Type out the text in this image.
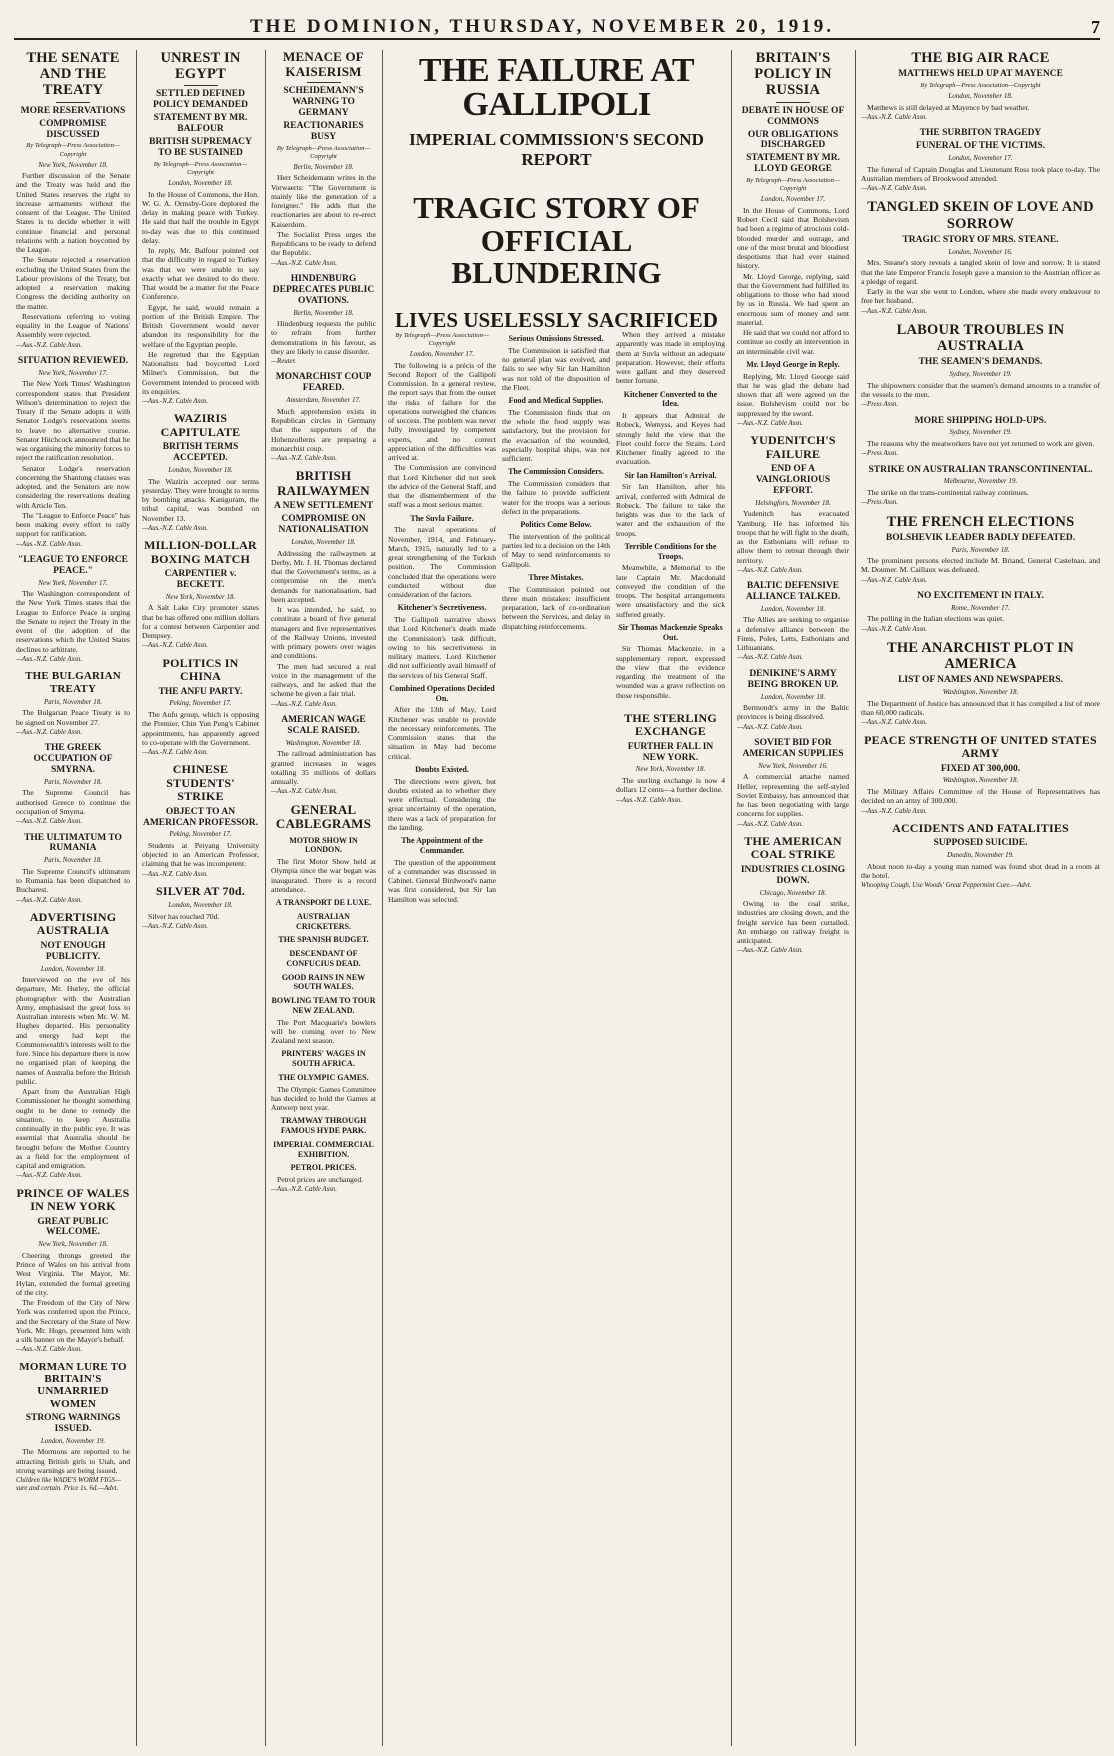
THE DOMINION, THURSDAY, NOVEMBER 20, 1919.	7
THE SENATE AND THE TREATY
MORE RESERVATIONS
COMPROMISE DISCUSSED
By Telegraph—Press Association—Copyright
New York, November 18.

Further discussion of the Senate and the Treaty was held and the United States reserves the right to increase armaments without the consent of the League. The United States is to decide whether it will continue financial and personal relations with a nation boycotted by the League.

The Senate rejected a reservation excluding the United States from the Labour provisions of the Treaty, but adopted a reservation making Congress the deciding authority on the matter.

Reservations referring to voting equality in the League of Nations' Assembly were rejected.

—Aus.-N.Z. Cable Assn.
SITUATION REVIEWED.
New York, November 17.

The New York Times' Washington correspondent states that President Wilson's determination to reject the Treaty if the Senate adopts it with Senator Lodge's reservations seems to leave no alternative course. Senator Hitchcock announced that he was organising the minority forces to reject the ratification resolution.

Senator Lodge's reservation concerning the Shantung clauses was adopted, and the Senators are now considering the reservations dealing with Article Ten.

The "League to Enforce Peace" has been making every effort to rally support for ratification.

—Aus.-N.Z. Cable Assn.
"LEAGUE TO ENFORCE PEACE."
New York, November 17.

The Washington correspondent of the New York Times states that the League to Enforce Peace is urging the Senate to reject the Treaty in the event of the adoption of the reservations which the United States declines to arbitrate.

—Aus.-N.Z. Cable Assn.
THE BULGARIAN TREATY
Paris, November 18.

The Bulgarian Peace Treaty is to be signed on November 27.

—Aus.-N.Z. Cable Assn.
THE GREEK OCCUPATION OF SMYRNA.
Paris, November 18.

The Supreme Council has authorised Greece to continue the occupation of Smyrna.

—Aus.-N.Z. Cable Assn.
THE ULTIMATUM TO RUMANIA
Paris, November 18.

The Supreme Council's ultimatum to Rumania has been dispatched to Bucharest.

—Aus.-N.Z. Cable Assn.
ADVERTISING AUSTRALIA
NOT ENOUGH PUBLICITY.
London, November 18.

Interviewed on the eve of his departure, Mr. Hurley, the official photographer with the Australian Army, emphasised the great loss to Australian interests when Mr. W. M. Hughes departed. His personality and energy had kept the Commonwealth's interests well to the fore. Since his departure there is now no organised plan of keeping the names of Australia before the British public.

Apart from the Australian High Commissioner he thought something ought to be done to remedy the situation, to keep Australia continually in the public eye. It was essential that Australia should be brought before the Mother Country as a field for the employment of capital and emigration.

—Aus.-N.Z. Cable Assn.
PRINCE OF WALES IN NEW YORK
GREAT PUBLIC WELCOME.
New York, November 18.

Cheering throngs greeted the Prince of Wales on his arrival from West Virginia. The Mayor, Mr. Hylan, extended the formal greeting of the city.

The Freedom of the City of New York was conferred upon the Prince, and the Secretary of the State of New York, Mr. Hugo, presented him with a silk banner on the Mayor's behalf.

—Aus.-N.Z. Cable Assn.
MORMAN LURE TO BRITAIN'S UNMARRIED WOMEN
STRONG WARNINGS ISSUED.
London, November 19.

The Mormons are reported to be attracting British girls to Utah, and strong warnings are being issued.

Children like WADE'S WORM FIGS—sure and certain. Price 1s. 6d.—Advt.
UNREST IN EGYPT
SETTLED DEFINED POLICY DEMANDED
STATEMENT BY MR. BALFOUR
BRITISH SUPREMACY TO BE SUSTAINED
By Telegraph—Press Association—Copyright
London, November 18.

In the House of Commons, the Hon. W. G. A. Ormsby-Gore deplored the delay in making peace with Turkey. He said that half the trouble in Egypt to-day was due to this continued delay.

In reply, Mr. Balfour pointed out that the difficulty in regard to Turkey was that we were unable to say exactly what we desired to do there. That would be a matter for the Peace Conference.

Egypt, he said, would remain a portion of the British Empire. The British Government would never abandon its responsibility for the welfare of the Egyptian people.

He regretted that the Egyptian Nationalists had boycotted Lord Milner's Commission, but the Government intended to proceed with its enquiries.

—Aus.-N.Z. Cable Assn.
WAZIRIS CAPITULATE
BRITISH TERMS ACCEPTED.
London, November 18.

The Waziris accepted our terms yesterday. They were brought to terms by bombing attacks. Kaniguram, the tribal capital, was bombed on November 13.

—Aus.-N.Z. Cable Assn.
MILLION-DOLLAR BOXING MATCH
CARPENTIER v. BECKETT.
New York, November 18.

A Salt Lake City promoter states that he has offered one million dollars for a contest between Carpentier and Dempsey.

—Aus.-N.Z. Cable Assn.
POLITICS IN CHINA
THE ANFU PARTY.
Peking, November 17.

The Anfu group, which is opposing the Premier, Chin Yun Peng's Cabinet appointments, has apparently agreed to co-operate with the Government.

—Aus.-N.Z. Cable Assn.
CHINESE STUDENTS' STRIKE
OBJECT TO AN AMERICAN PROFESSOR.
Peking, November 17.

Students at Peiyang University objected to an American Professor, claiming that he was incompetent.

—Aus.-N.Z. Cable Assn.
SILVER AT 70d.
London, November 18.

Silver has touched 70d.

—Aus.-N.Z. Cable Assn.
MENACE OF KAISERISM
SCHEIDEMANN'S WARNING TO GERMANY
REACTIONARIES BUSY
By Telegraph—Press Association—Copyright
Berlin, November 18.

Herr Scheidemann writes in the Vorwaerts: "The Government is mainly like the generation of a foreigner." He adds that the reactionaries are about to re-erect Kaiserdom.

The Socialist Press urges the Republicans to be ready to defend the Republic.

—Aus.-N.Z. Cable Assn.
HINDENBURG DEPRECATES PUBLIC OVATIONS.
Berlin, November 18.

Hindenburg requests the public to refrain from further demonstrations in his favour, as they are likely to cause disorder.

—Reuter.
MONARCHIST COUP FEARED.
Amsterdam, November 17.

Much apprehension exists in Republican circles in Germany that the supporters of the Hohenzollerns are preparing a monarchist coup.

—Aus.-N.Z. Cable Assn.
BRITISH RAILWAYMEN
A NEW SETTLEMENT
COMPROMISE ON NATIONALISATION
London, November 18.

Addressing the railwaymen at Derby, Mr. J. H. Thomas declared that the Government's terms, as a compromise on the men's demands for nationalisation, had been accepted.

It was intended, he said, to constitute a board of five general managers and five representatives of the Railway Unions, invested with primary powers over wages and conditions.

The men had secured a real voice in the management of the railways, and he asked that the scheme be given a fair trial.

—Aus.-N.Z. Cable Assn.
AMERICAN WAGE SCALE RAISED.
Washington, November 18.

The railroad administration has granted increases in wages totalling 35 millions of dollars annually.

—Aus.-N.Z. Cable Assn.
GENERAL CABLEGRAMS
MOTOR SHOW IN LONDON.

The first Motor Show held at Olympia since the war began was inaugurated. There is a record attendance.

A TRANSPORT DE LUXE.
AUSTRALIAN CRICKETERS.
THE SPANISH BUDGET.
DESCENDANT OF CONFUCIUS DEAD.
GOOD RAINS IN NEW SOUTH WALES.
BOWLING TEAM TO TOUR NEW ZEALAND.

The Port Macquarie's bowlers will be coming over to New Zealand next season.

PRINTERS' WAGES IN SOUTH AFRICA.
THE OLYMPIC GAMES.

The Olympic Games Committee has decided to hold the Games at Antwerp next year.

TRAMWAY THROUGH FAMOUS HYDE PARK.
IMPERIAL COMMERCIAL EXHIBITION.
PETROL PRICES.

Petrol prices are unchanged.

—Aus.-N.Z. Cable Assn.
THE FAILURE AT GALLIPOLI
IMPERIAL COMMISSION'S SECOND REPORT
TRAGIC STORY OF OFFICIAL BLUNDERING
LIVES USELESSLY SACRIFICED
By Telegraph—Press Association—Copyright
London, November 17.

The following is a précis of the Second Report of the Gallipoli Commission. In a general review, the report says that from the outset the risks of failure for the operations outweighed the chances of success. The problem was never fully investigated by competent experts, and no correct appreciation of the difficulties was arrived at.

The Commission are convinced that Lord Kitchener did not seek the advice of the General Staff, and that the dismemberment of the staff was a most serious matter.

The Suvla Failure.

The naval operations of November, 1914, and February-March, 1915, naturally led to a great strengthening of the Turkish position. The Commission concluded that the operations were conducted without due consideration of the factors.

Kitchener's Secretiveness.

The Gallipoli narrative shows that Lord Kitchener's death made the Commission's task difficult, owing to his secretiveness in military matters. Lord Kitchener did not sufficiently avail himself of the services of his General Staff.

Combined Operations Decided On.

After the 13th of May, Lord Kitchener was unable to provide the necessary reinforcements. The Commission states that the situation in May had become critical.

Doubts Existed.

The directions were given, but doubts existed as to whether they were effectual. Considering the great uncertainty of the operation, there was a lack of preparation for the landing.

The Appointment of the Commander.

The question of the appointment of a commander was discussed in Cabinet. General Birdwood's name was first considered, but Sir Ian Hamilton was selected.

Serious Omissions Stressed.

The Commission is satisfied that no general plan was evolved, and fails to see why Sir Ian Hamilton was not told of the disposition of the Fleet.

Food and Medical Supplies.

The Commission finds that on the whole the food supply was satisfactory, but the provision for the evacuation of the wounded, especially hospital ships, was not sufficient.

The Commission Considers.

The Commission considers that the failure to provide sufficient water for the troops was a serious defect in the preparations.

Politics Come Below.

The intervention of the political parties led to a decision on the 14th of May to send reinforcements to Gallipoli.

Three Mistakes.

The Commission pointed out three main mistakes: insufficient preparation, lack of co-ordination between the Services, and delay in dispatching reinforcements.

When they arrived a mistake apparently was made in employing them at Suvla without an adequate preparation. However, their efforts were gallant and they deserved better fortune.

Kitchener Converted to the Idea.

It appears that Admiral de Robeck, Wemyss, and Keyes had strongly held the view that the Fleet could force the Straits. Lord Kitchener finally agreed to the evacuation.

Sir Ian Hamilton's Arrival.

Sir Ian Hamilton, after his arrival, conferred with Admiral de Robeck. The failure to take the heights was due to the lack of water and the exhaustion of the troops.

Terrible Conditions for the Troops.

Meanwhile, a Memorial to the late Captain Mr. Macdonald conveyed the condition of the troops. The hospital arrangements were unsatisfactory and the sick suffered greatly.

Sir Thomas Mackenzie Speaks Out.

Sir Thomas Mackenzie, in a supplementary report, expressed the view that the evidence regarding the treatment of the wounded was a grave reflection on those responsible.

THE STERLING EXCHANGE
FURTHER FALL IN NEW YORK.
New York, November 18.

The sterling exchange is now 4 dollars 12 cents—a further decline.

—Aus.-N.Z. Cable Assn.
BRITAIN'S POLICY IN RUSSIA
DEBATE IN HOUSE OF COMMONS
OUR OBLIGATIONS DISCHARGED
STATEMENT BY MR. LLOYD GEORGE
By Telegraph—Press Association—Copyright
London, November 17.

In the House of Commons, Lord Robert Cecil said that Bolshevism had been a regime of atrocious cold-blooded murder and outrage, and one of the most brutal and bloodiest despotisms that had ever stained history.

Mr. Lloyd George, replying, said that the Government had fulfilled its obligations to those who had stood by us in Russia. We had spent an enormous sum of money and sent material.

He said that we could not afford to continue so costly an intervention in an interminable civil war.

Mr. Lloyd George in Reply.

Replying, Mr. Lloyd George said that he was glad the debate had shown that all were agreed on the issue. Bolshevism could not be suppressed by the sword.

—Aus.-N.Z. Cable Assn.
YUDENITCH'S FAILURE
END OF A VAINGLORIOUS EFFORT.
Helsingfors, November 18.

Yudenitch has evacuated Yamburg. He has informed his troops that he will fight to the death, as the Esthonians will refuse to allow them to retreat through their territory.

—Aus.-N.Z. Cable Assn.
BALTIC DEFENSIVE ALLIANCE TALKED.
London, November 18.

The Allies are seeking to organise a defensive alliance between the Finns, Poles, Letts, Esthonians and Lithuanians.

—Aus.-N.Z. Cable Assn.
DENIKINE'S ARMY BEING BROKEN UP.
London, November 18.

Bermondt's army in the Baltic provinces is being dissolved.

—Aus.-N.Z. Cable Assn.
SOVIET BID FOR AMERICAN SUPPLIES
New York, November 16.

A commercial attache named Heller, representing the self-styled Soviet Embassy, has announced that he has been negotiating with large concerns for supplies.

—Aus.-N.Z. Cable Assn.
THE AMERICAN COAL STRIKE
INDUSTRIES CLOSING DOWN.
Chicago, November 18.

Owing to the coal strike, industries are closing down, and the freight service has been curtailed. An embargo on railway freight is anticipated.

—Aus.-N.Z. Cable Assn.
THE BIG AIR RACE
MATTHEWS HELD UP AT MAYENCE
By Telegraph—Press Association—Copyright
London, November 18.

Matthews is still delayed at Mayence by bad weather.

—Aus.-N.Z. Cable Assn.
THE SURBITON TRAGEDY
FUNERAL OF THE VICTIMS.
London, November 17.

The funeral of Captain Douglas and Lieutenant Ross took place to-day. The Australian members of Brookwood attended.

—Aus.-N.Z. Cable Assn.
TANGLED SKEIN OF LOVE AND SORROW
TRAGIC STORY OF MRS. STEANE.
London, November 16.

Mrs. Steane's story reveals a tangled skein of love and sorrow. It is stated that the late Emperor Francis Joseph gave a mansion to the Austrian officer as a pledge of regard.

Early in the war she went to London, where she made every endeavour to free her husband.

—Aus.-N.Z. Cable Assn.
LABOUR TROUBLES IN AUSTRALIA
THE SEAMEN'S DEMANDS.
Sydney, November 19.

The shipowners consider that the seamen's demand amounts to a transfer of the vessels to the men.

—Press Assn.
MORE SHIPPING HOLD-UPS.
Sydney, November 19.

The reasons why the meatworkers have not yet returned to work are given.

—Press Assn.
STRIKE ON AUSTRALIAN TRANSCONTINENTAL.
Melbourne, November 19.

The strike on the trans-continental railway continues.

—Press Assn.
THE FRENCH ELECTIONS
BOLSHEVIK LEADER BADLY DEFEATED.
Paris, November 18.

The prominent persons elected include M. Briand, General Castelnau, and M. Doumer. M. Caillaux was defeated.

—Aus.-N.Z. Cable Assn.
NO EXCITEMENT IN ITALY.
Rome, November 17.

The polling in the Italian elections was quiet.

—Aus.-N.Z. Cable Assn.
THE ANARCHIST PLOT IN AMERICA
LIST OF NAMES AND NEWSPAPERS.
Washington, November 18.

The Department of Justice has announced that it has compiled a list of more than 60,000 radicals.

—Aus.-N.Z. Cable Assn.
PEACE STRENGTH OF UNITED STATES ARMY
FIXED AT 300,000.
Washington, November 18.

The Military Affairs Committee of the House of Representatives has decided on an army of 300,000.

—Aus.-N.Z. Cable Assn.
ACCIDENTS AND FATALITIES
SUPPOSED SUICIDE.
Dunedin, November 19.

About noon to-day a young man named was found shot dead in a room at the hotel.

Whooping Cough, Use Woods' Great Peppermint Cure.—Advt.
